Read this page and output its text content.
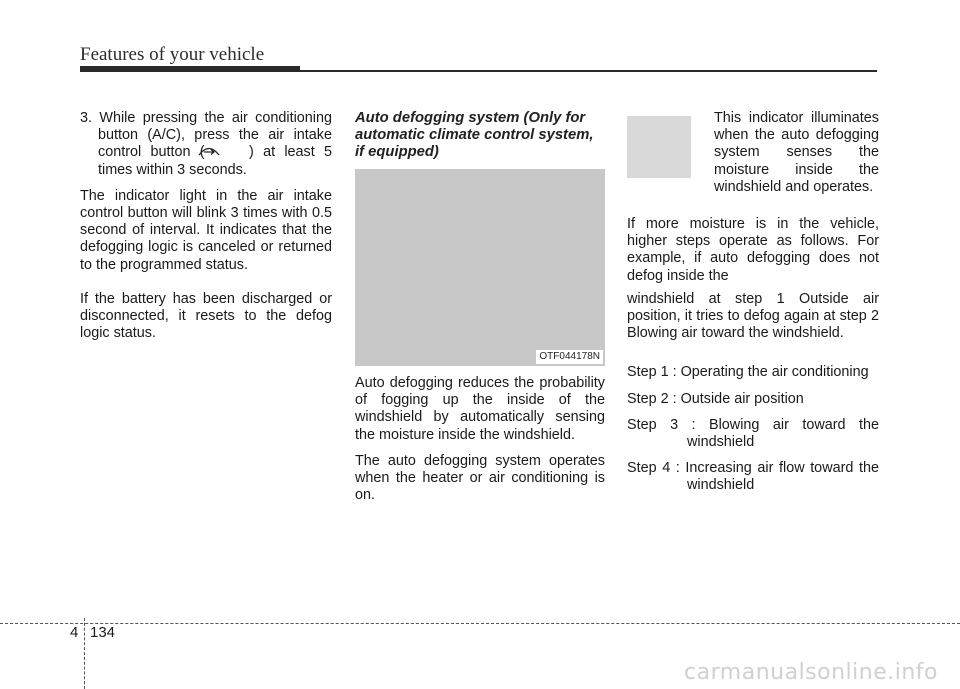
Features of your vehicle

3. While pressing the air conditioning button (A/C), press the air intake control button (	) at least 5 times within 3 seconds.

The indicator light in the air intake control button will blink 3 times with 0.5 second of interval. It indicates that the defogging logic is canceled or returned to the programmed status.

If the battery has been discharged or disconnected, it resets to the defog logic status.

Auto defogging system (Only for automatic climate control system, if equipped)
OTF044178N

Auto defogging reduces the probability of fogging up the inside of the windshield by automatically sensing the moisture inside the windshield.

The auto defogging system operates when the heater or air conditioning is on.

This indicator illuminates when the auto defogging system senses the moisture inside the windshield and operates.

If more moisture is in the vehicle, higher steps operate as follows. For example, if auto defogging does not defog inside the

windshield at step 1 Outside air position, it tries to defog again at step 2 Blowing air toward the windshield.

Step 1 : Operating the air conditioning

Step 2 : Outside air position

Step 3 : Blowing air toward the windshield

Step 4 : Increasing air flow toward the windshield

4 134
carmanualsonline.info
